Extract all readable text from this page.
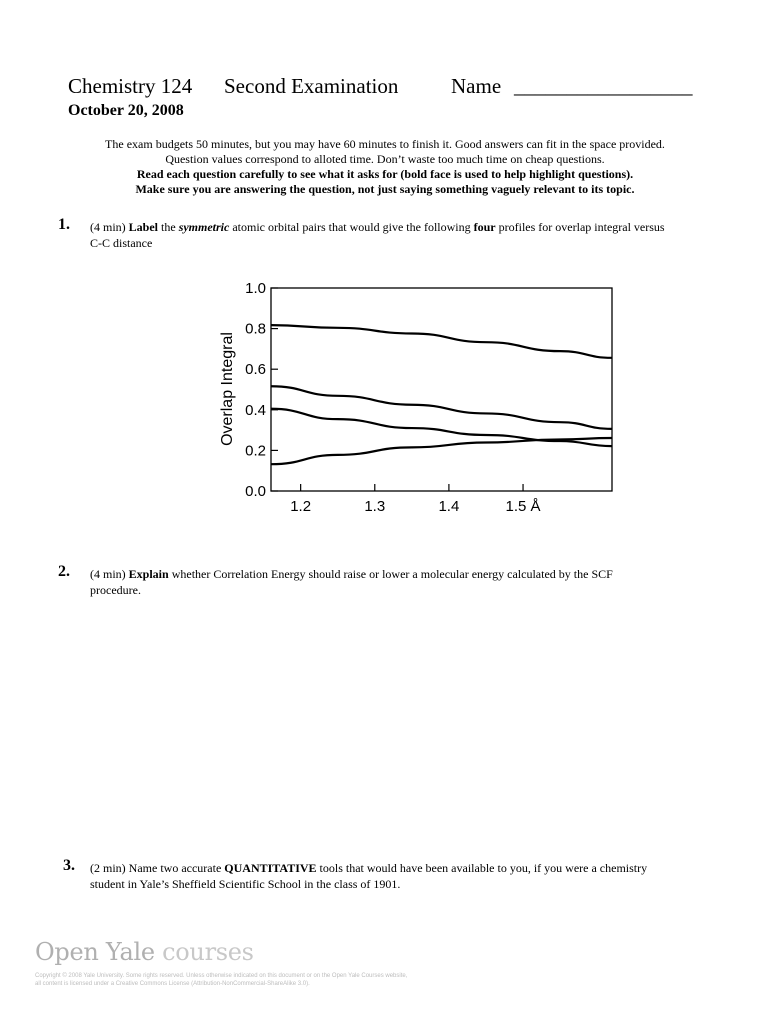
Chemistry 124 Second Examination	Name _________________
October 20, 2008
The exam budgets 50 minutes, but you may have 60 minutes to finish it. Good answers can fit in the space provided.
Question values correspond to alloted time. Don’t waste too much time on cheap questions.
Read each question carefully to see what it asks for (bold face is used to help highlight questions).
Make sure you are answering the question, not just saying something vaguely relevant to its topic.
1. (4 min) Label the symmetric atomic orbital pairs that would give the following four profiles for overlap integral versus C-C distance
0.0
0.2
0.4
0.6
0.8
1.0
1.2	1.3	1.4	1.5 Å
Overlap Integral
2. (4 min) Explain whether Correlation Energy should raise or lower a molecular energy calculated by the SCF procedure.
3. (2 min) Name two accurate QUANTITATIVE tools that would have been available to you, if you were a chemistry student in Yale’s Sheffield Scientific School in the class of 1901.
Open Yale courses
Copyright © 2008 Yale University. Some rights reserved. Unless otherwise indicated on this document or on the Open Yale Courses website, all content is licensed under a Creative Commons License (Attribution-NonCommercial-ShareAlike 3.0).
